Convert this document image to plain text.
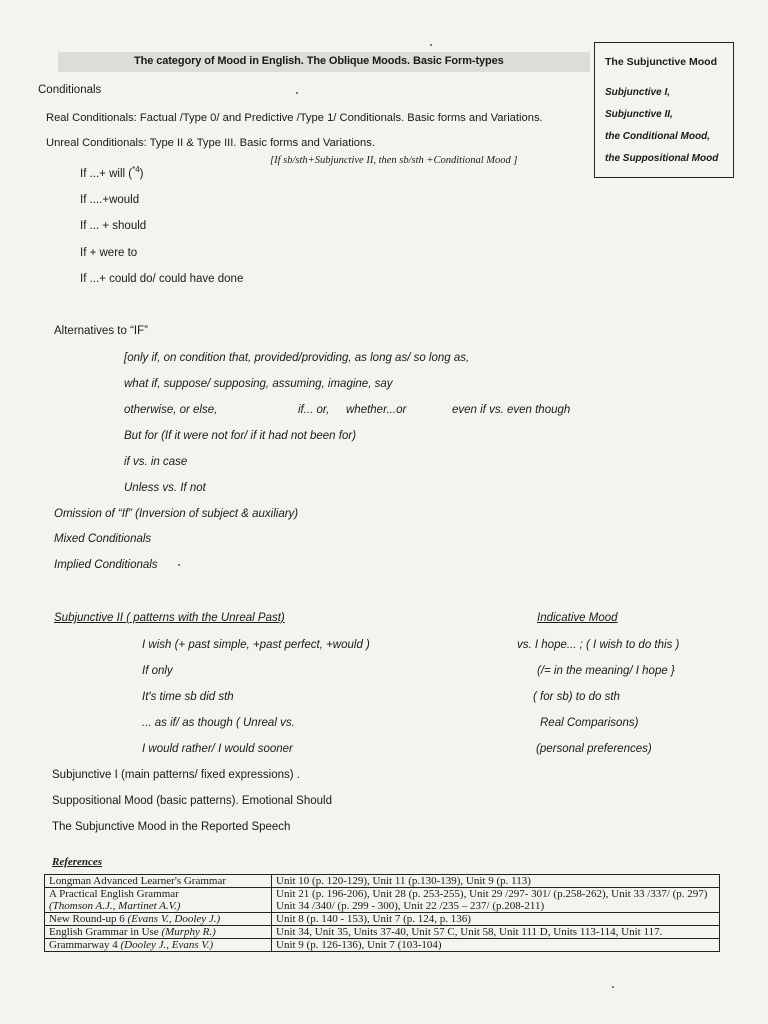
The category of Mood in English. The Oblique Moods. Basic Form-types	The Subjunctive Mood
Subjunctive I,
Subjunctive II,
the Conditional Mood,
the Suppositional Mood
Conditionals
Real Conditionals: Factual /Type 0/ and Predictive /Type 1/ Conditionals. Basic forms and Variations.
Unreal Conditionals: Type II & Type III. Basic forms and Variations.
[If sb/sth+Subjunctive II, then sb/sth +Conditional Mood ]
If ...+ will ($^{*4}$)
If ....+would
If ... + should
If + were to
If ...+ could do/ could have done
Alternatives to “IF”
[only if, on condition that, provided/providing, as long as/ so long as,
what if, suppose/ supposing, assuming, imagine, say
otherwise, or else,	if... or, whether...or	even if vs. even though
But for (If it were not for/ if it had not been for)
if vs. in case
Unless vs. If not
Omission of “If” (Inversion of subject & auxiliary)
Mixed Conditionals
Implied Conditionals
Subjunctive II ( patterns with the Unreal Past)	Indicative Mood
I wish (+ past simple, +past perfect, +would )	vs. I hope... ; ( I wish to do this )
If only	(/= in the meaning/ I hope }
It's time sb did sth	( for sb) to do sth
... as if/ as though ( Unreal vs.	Real Comparisons)
I would rather/ I would sooner	(personal preferences)
Subjunctive I (main patterns/ fixed expressions) .
Suppositional Mood (basic patterns). Emotional Should
The Subjunctive Mood in the Reported Speech
References
Longman Advanced Learner's Grammar	Unit 10 (p. 120-129), Unit 11 (p.130-139), Unit 9 (p. 113)
A Practical English Grammar
(Thomson A.J., Martinet A.V.)	Unit 21 (p. 196-206), Unit 28 (p. 253-255), Unit 29 /297- 301/ (p.258-262), Unit 33 /337/ (p. 297) Unit 34 /340/ (p. 299 - 300), Unit 22 /235 – 237/ (p.208-211)
New Round-up 6 (Evans V., Dooley J.)	Unit 8 (p. 140 - 153), Unit 7 (p. 124, p. 136)
English Grammar in Use (Murphy R.)	Unit 34, Unit 35, Units 37-40, Unit 57 C, Unit 58, Unit 111 D, Units 113-114, Unit 117.
Grammarway 4 (Dooley J., Evans V.)	Unit 9 (p. 126-136), Unit 7 (103-104)
